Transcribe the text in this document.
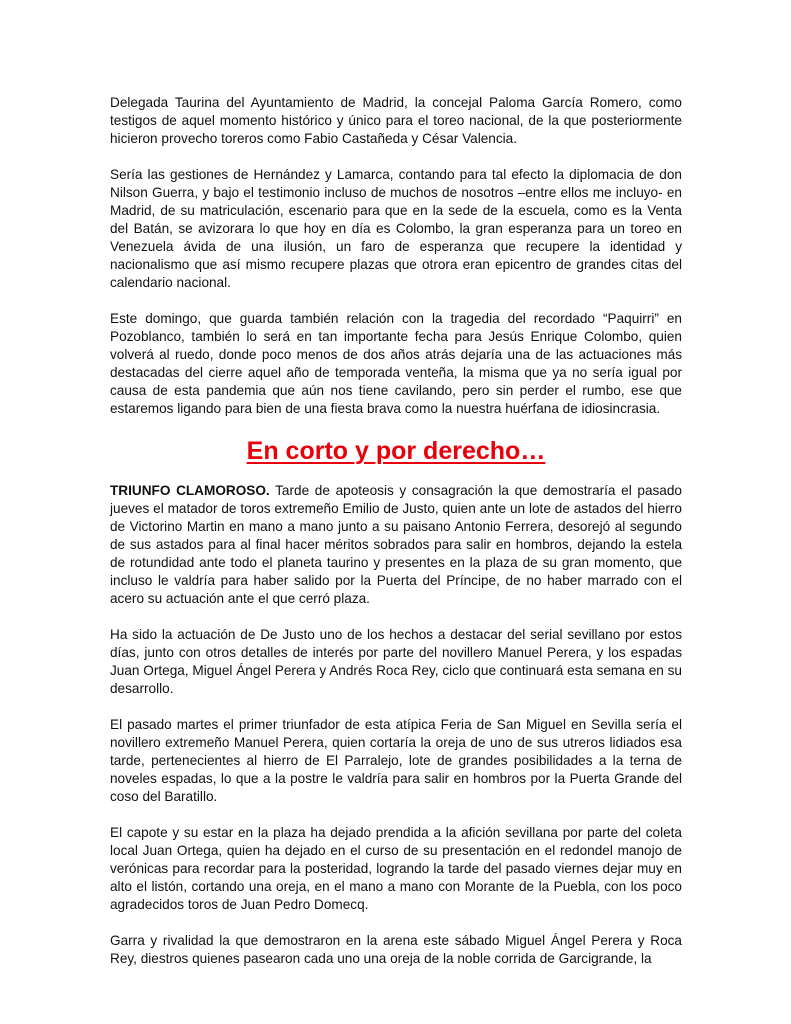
Delegada Taurina del Ayuntamiento de Madrid, la concejal Paloma García Romero, como testigos de aquel momento histórico y único para el toreo nacional, de la que posteriormente hicieron provecho toreros como Fabio Castañeda y César Valencia.

Sería las gestiones de Hernández y Lamarca, contando para tal efecto la diplomacia de don Nilson Guerra, y bajo el testimonio incluso de muchos de nosotros –entre ellos me incluyo- en Madrid, de su matriculación, escenario para que en la sede de la escuela, como es la Venta del Batán, se avizorara lo que hoy en día es Colombo, la gran esperanza para un toreo en Venezuela ávida de una ilusión, un faro de esperanza que recupere la identidad y nacionalismo que así mismo recupere plazas que otrora eran epicentro de grandes citas del calendario nacional.

Este domingo, que guarda también relación con la tragedia del recordado “Paquirri” en Pozoblanco, también lo será en tan importante fecha para Jesús Enrique Colombo, quien volverá al ruedo, donde poco menos de dos años atrás dejaría una de las actuaciones más destacadas del cierre aquel año de temporada venteña, la misma que ya no sería igual por causa de esta pandemia que aún nos tiene cavilando, pero sin perder el rumbo, ese que estaremos ligando para bien de una fiesta brava como la nuestra huérfana de idiosincrasia.

En corto y por derecho…

TRIUNFO CLAMOROSO. Tarde de apoteosis y consagración la que demostraría el pasado jueves el matador de toros extremeño Emilio de Justo, quien ante un lote de astados del hierro de Victorino Martin en mano a mano junto a su paisano Antonio Ferrera, desorejó al segundo de sus astados para al final hacer méritos sobrados para salir en hombros, dejando la estela de rotundidad ante todo el planeta taurino y presentes en la plaza de su gran momento, que incluso le valdría para haber salido por la Puerta del Príncipe, de no haber marrado con el acero su actuación ante el que cerró plaza.

Ha sido la actuación de De Justo uno de los hechos a destacar del serial sevillano por estos días, junto con otros detalles de interés por parte del novillero Manuel Perera, y los espadas Juan Ortega, Miguel Ángel Perera y Andrés Roca Rey, ciclo que continuará esta semana en su desarrollo.

El pasado martes el primer triunfador de esta atípica Feria de San Miguel en Sevilla sería el novillero extremeño Manuel Perera, quien cortaría la oreja de uno de sus utreros lidiados esa tarde, pertenecientes al hierro de El Parralejo, lote de grandes posibilidades a la terna de noveles espadas, lo que a la postre le valdría para salir en hombros por la Puerta Grande del coso del Baratillo.

El capote y su estar en la plaza ha dejado prendida a la afición sevillana por parte del coleta local Juan Ortega, quien ha dejado en el curso de su presentación en el redondel manojo de verónicas para recordar para la posteridad, logrando la tarde del pasado viernes dejar muy en alto el listón, cortando una oreja, en el mano a mano con Morante de la Puebla, con los poco agradecidos toros de Juan Pedro Domecq.

Garra y rivalidad la que demostraron en la arena este sábado Miguel Ángel Perera y Roca Rey, diestros quienes pasearon cada uno una oreja de la noble corrida de Garcigrande, la
